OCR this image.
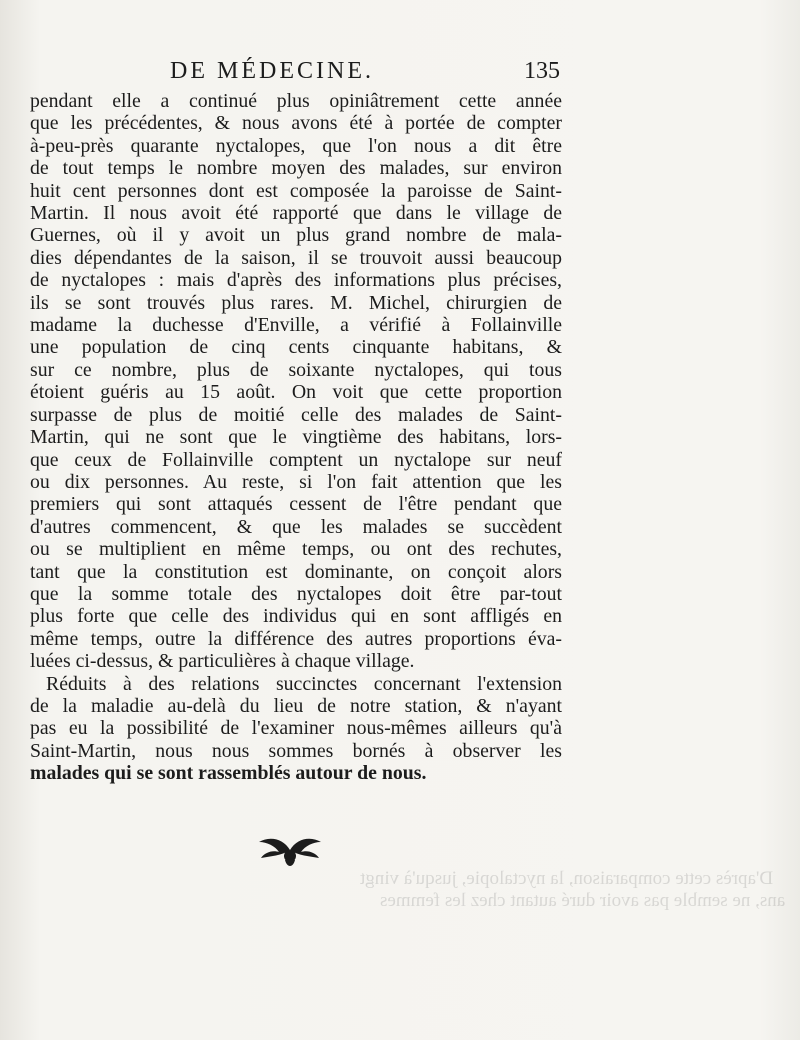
D'après cette comparaison, la nyctalopie, jusqu'à vingt
ans, ne semble pas avoir duré autant chez les femmes
DE MÉDECINE.	135
pendant elle a continué plus opiniâtrement cette année
que les précédentes, & nous avons été à portée de compter
à-peu-près quarante nyctalopes, que l'on nous a dit être
de tout temps le nombre moyen des malades, sur environ
huit cent personnes dont est composée la paroisse de Saint-
Martin. Il nous avoit été rapporté que dans le village de
Guernes, où il y avoit un plus grand nombre de mala-
dies dépendantes de la saison, il se trouvoit aussi beaucoup
de nyctalopes : mais d'après des informations plus précises,
ils se sont trouvés plus rares. M. Michel, chirurgien de
madame la duchesse d'Enville, a vérifié à Follainville
une population de cinq cents cinquante habitans, &
sur ce nombre, plus de soixante nyctalopes, qui tous
étoient guéris au 15 août. On voit que cette proportion
surpasse de plus de moitié celle des malades de Saint-
Martin, qui ne sont que le vingtième des habitans, lors-
que ceux de Follainville comptent un nyctalope sur neuf
ou dix personnes. Au reste, si l'on fait attention que les
premiers qui sont attaqués cessent de l'être pendant que
d'autres commencent, & que les malades se succèdent
ou se multiplient en même temps, ou ont des rechutes,
tant que la constitution est dominante, on conçoit alors
que la somme totale des nyctalopes doit être par-tout
plus forte que celle des individus qui en sont affligés en
même temps, outre la différence des autres proportions éva-
luées ci-dessus, & particulières à chaque village.
Réduits à des relations succinctes concernant l'extension
de la maladie au-delà du lieu de notre station, & n'ayant
pas eu la possibilité de l'examiner nous-mêmes ailleurs qu'à
Saint-Martin, nous nous sommes bornés à observer les
malades qui se sont rassemblés autour de nous.
